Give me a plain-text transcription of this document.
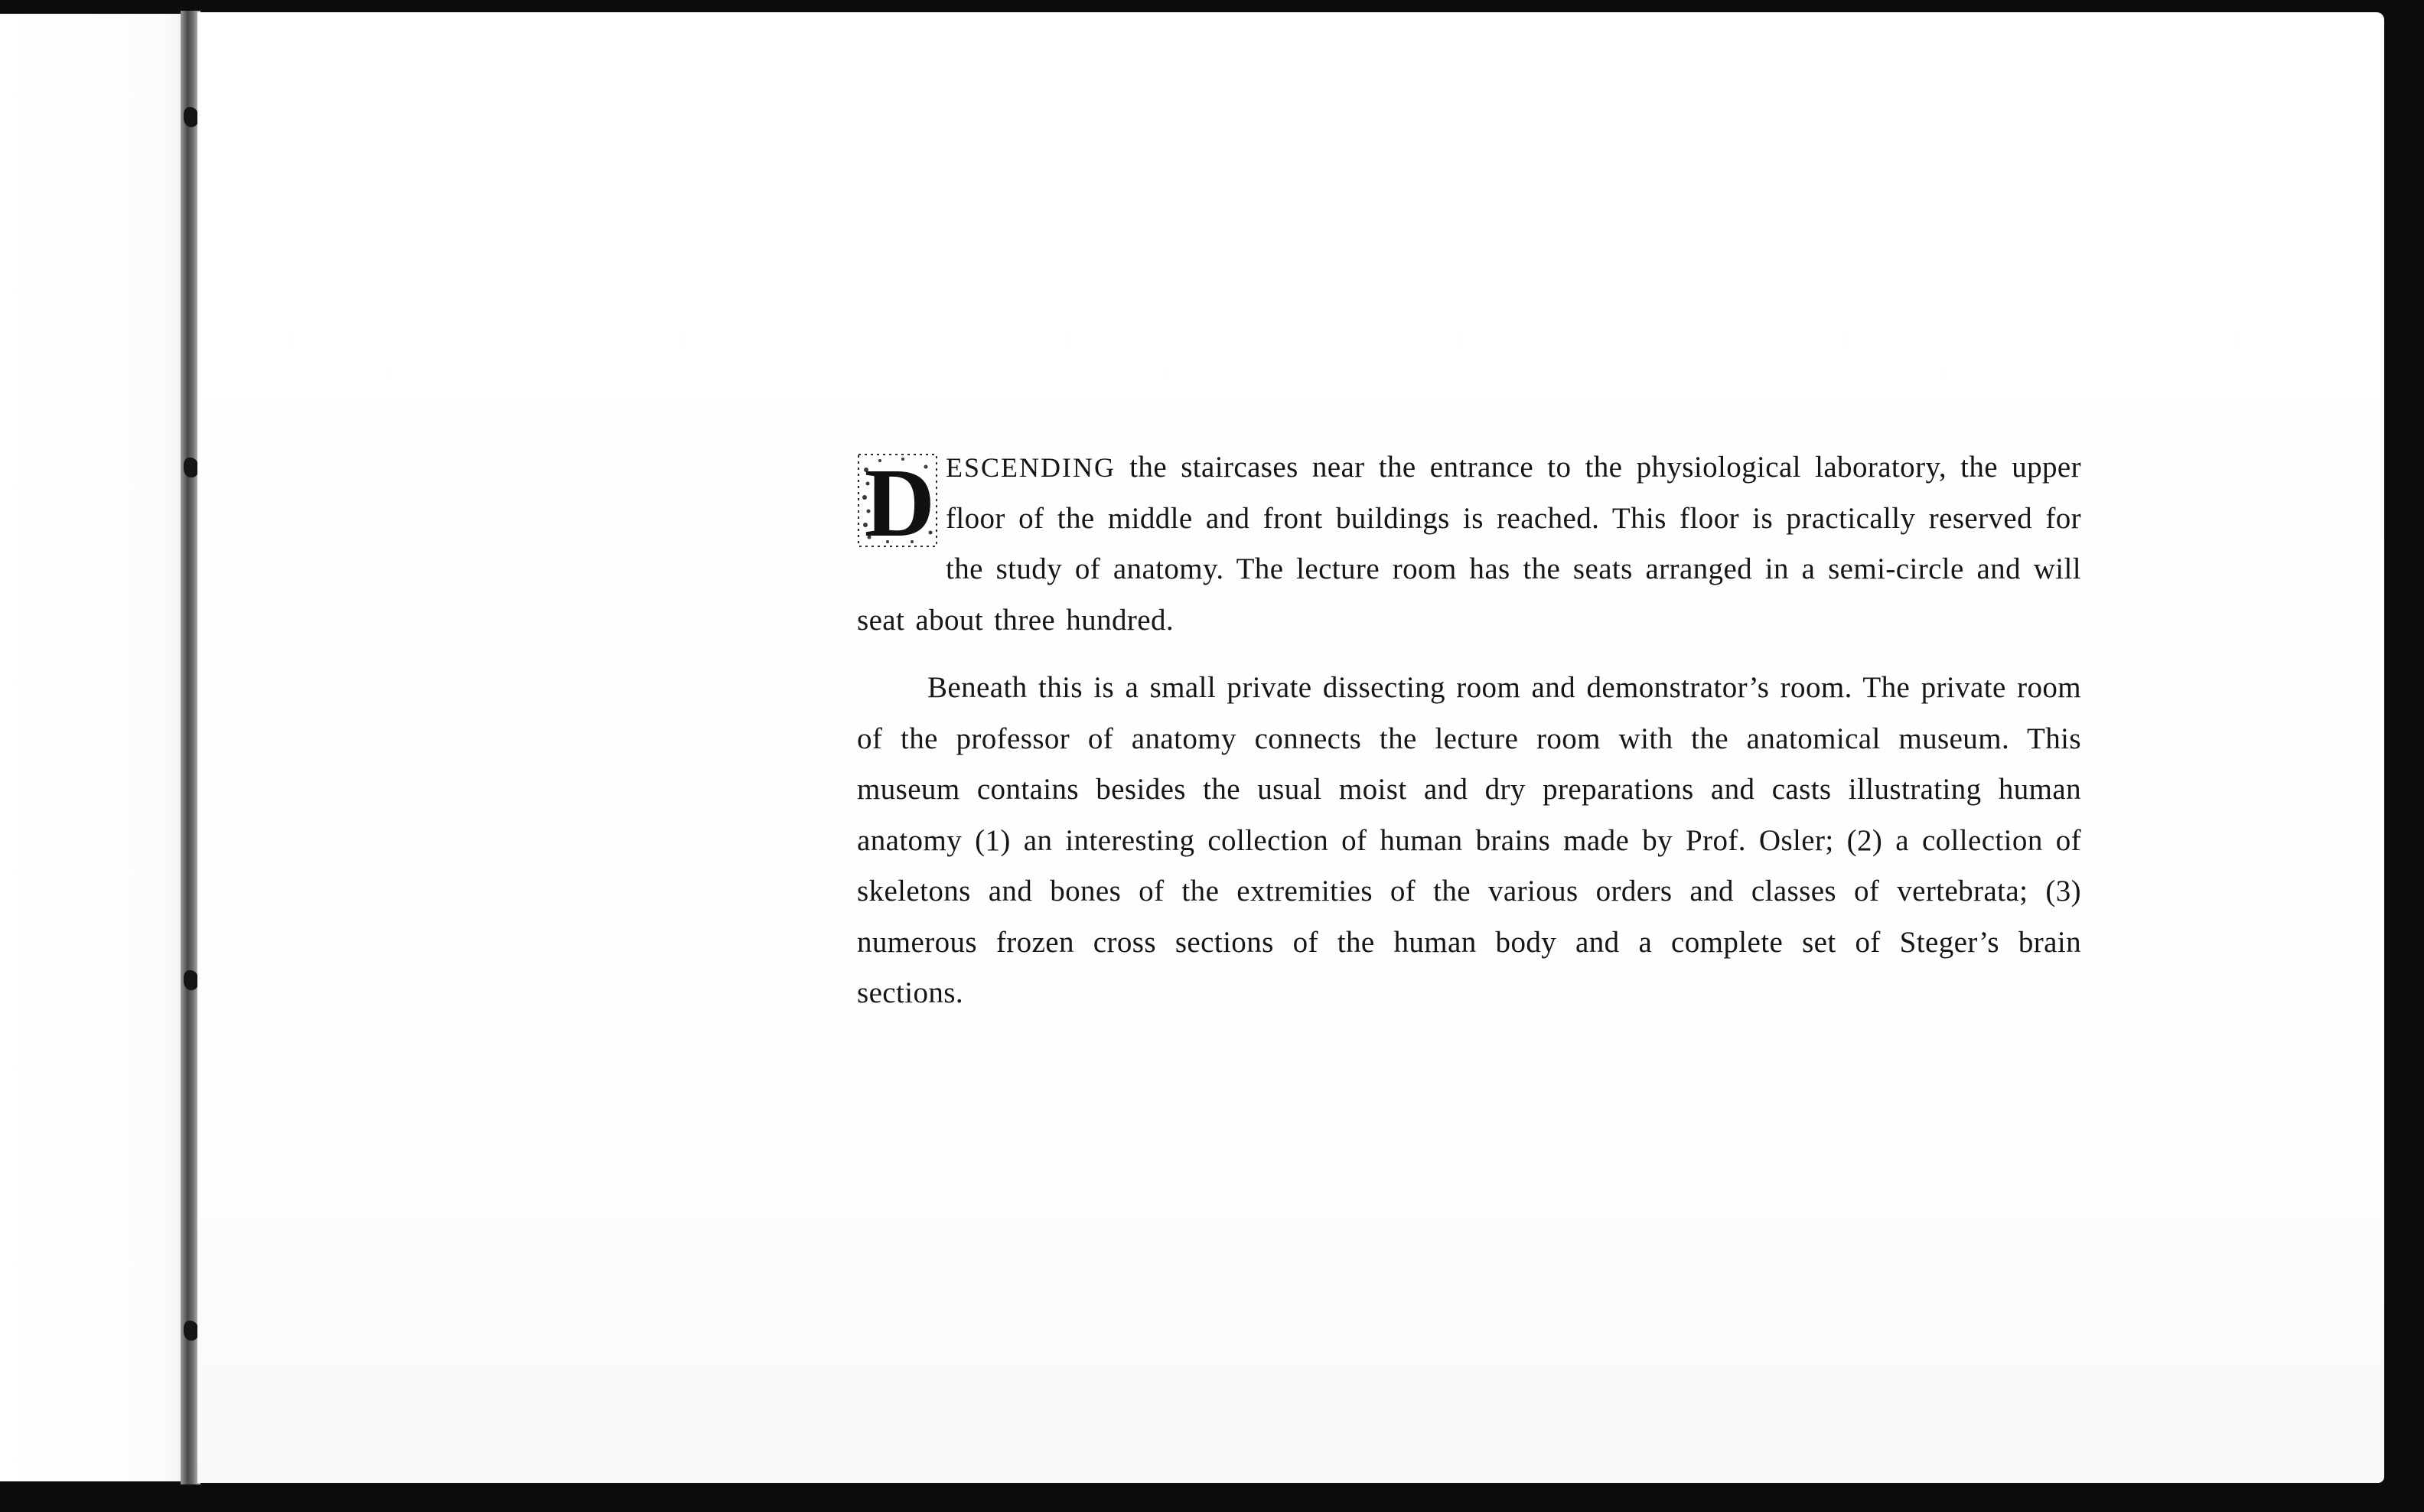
D ESCENDING the staircases near the entrance to the physiological laboratory, the upper floor of the middle and front buildings is reached. This floor is practically reserved for the study of anatomy. The lecture room has the seats arranged in a semi-circle and will seat about three hundred.

Beneath this is a small private dissecting room and demonstrator’s room. The private room of the professor of anatomy connects the lecture room with the anatomical museum. This museum contains besides the usual moist and dry preparations and casts illustrating human anatomy (1) an interesting collection of human brains made by Prof. Osler; (2) a collection of skeletons and bones of the extremities of the various orders and classes of vertebrata; (3) numerous frozen cross sections of the human body and a complete set of Steger’s brain sections.
